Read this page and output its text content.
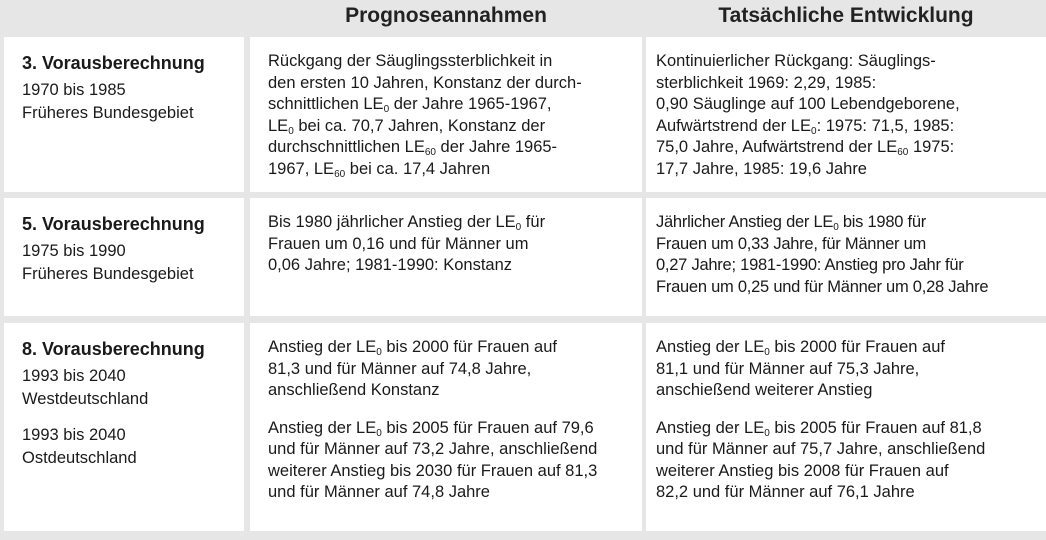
Prognoseannahmen	Tatsächliche Entwicklung
3. Vorausberechnung
1970 bis 1985
Früheres Bundesgebiet
Rückgang der Säuglingssterblichkeit in
den ersten 10 Jahren, Konstanz der durch-
schnittlichen $LE_0$ der Jahre 1965-1967,
$LE_0$ bei ca. 70,7 Jahren, Konstanz der
durchschnittlichen $LE_{60}$ der Jahre 1965-
1967, $LE_{60}$ bei ca. 17,4 Jahren
Kontinuierlicher Rückgang: Säuglings-
sterblichkeit 1969: 2,29, 1985:
0,90 Säuglinge auf 100 Lebendgeborene,
Aufwärtstrend der $LE_0$: 1975: 71,5, 1985:
75,0 Jahre, Aufwärtstrend der $LE_{60}$ 1975:
17,7 Jahre, 1985: 19,6 Jahre
5. Vorausberechnung
1975 bis 1990
Früheres Bundesgebiet
Bis 1980 jährlicher Anstieg der $LE_0$ für
Frauen um 0,16 und für Männer um
0,06 Jahre; 1981-1990: Konstanz
Jährlicher Anstieg der $LE_0$ bis 1980 für
Frauen um 0,33 Jahre, für Männer um
0,27 Jahre; 1981-1990: Anstieg pro Jahr für
Frauen um 0,25 und für Männer um 0,28 Jahre
8. Vorausberechnung
1993 bis 2040
Westdeutschland
1993 bis 2040
Ostdeutschland
Anstieg der $LE_0$ bis 2000 für Frauen auf
81,3 und für Männer auf 74,8 Jahre,
anschließend Konstanz
Anstieg der $LE_0$ bis 2005 für Frauen auf 79,6
und für Männer auf 73,2 Jahre, anschließend
weiterer Anstieg bis 2030 für Frauen auf 81,3
und für Männer auf 74,8 Jahre
Anstieg der $LE_0$ bis 2000 für Frauen auf
81,1 und für Männer auf 75,3 Jahre,
anschießend weiterer Anstieg
Anstieg der $LE_0$ bis 2005 für Frauen auf 81,8
und für Männer auf 75,7 Jahre, anschließend
weiterer Anstieg bis 2008 für Frauen auf
82,2 und für Männer auf 76,1 Jahre
